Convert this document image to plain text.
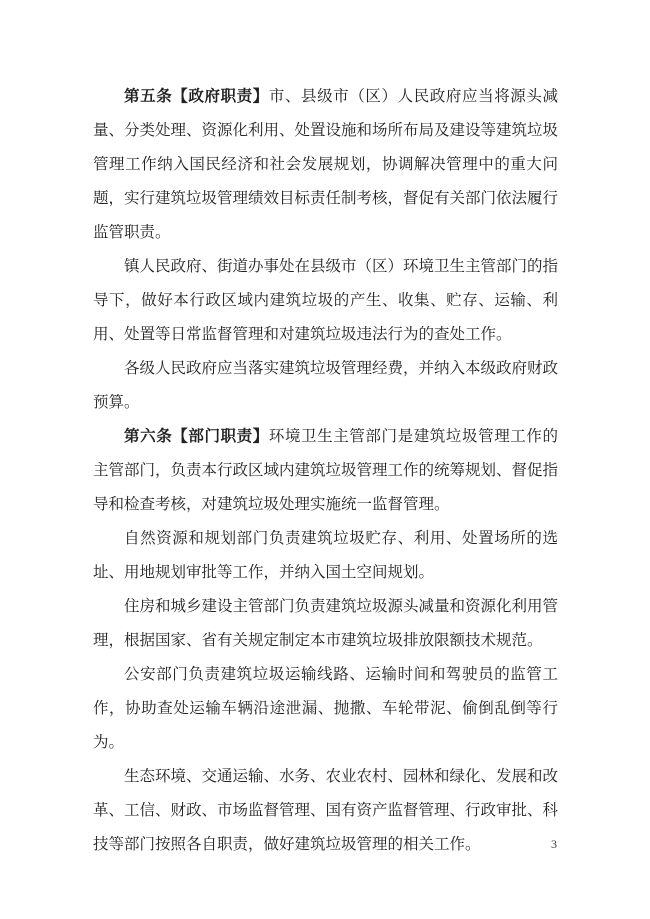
第五条【政府职责】市、县级市（区）人民政府应当将源头减量、分类处理、资源化利用、处置设施和场所布局及建设等建筑垃圾管理工作纳入国民经济和社会发展规划，协调解决管理中的重大问题，实行建筑垃圾管理绩效目标责任制考核，督促有关部门依法履行监管职责。

镇人民政府、街道办事处在县级市（区）环境卫生主管部门的指导下，做好本行政区域内建筑垃圾的产生、收集、贮存、运输、利用、处置等日常监督管理和对建筑垃圾违法行为的查处工作。

各级人民政府应当落实建筑垃圾管理经费，并纳入本级政府财政预算。

第六条【部门职责】环境卫生主管部门是建筑垃圾管理工作的主管部门，负责本行政区域内建筑垃圾管理工作的统筹规划、督促指导和检查考核，对建筑垃圾处理实施统一监督管理。

自然资源和规划部门负责建筑垃圾贮存、利用、处置场所的选址、用地规划审批等工作，并纳入国土空间规划。

住房和城乡建设主管部门负责建筑垃圾源头减量和资源化利用管理，根据国家、省有关规定制定本市建筑垃圾排放限额技术规范。

公安部门负责建筑垃圾运输线路、运输时间和驾驶员的监管工作，协助查处运输车辆沿途泄漏、抛撒、车轮带泥、偷倒乱倒等行为。

生态环境、交通运输、水务、农业农村、园林和绿化、发展和改革、工信、财政、市场监督管理、国有资产监督管理、行政审批、科技等部门按照各自职责，做好建筑垃圾管理的相关工作。	3
